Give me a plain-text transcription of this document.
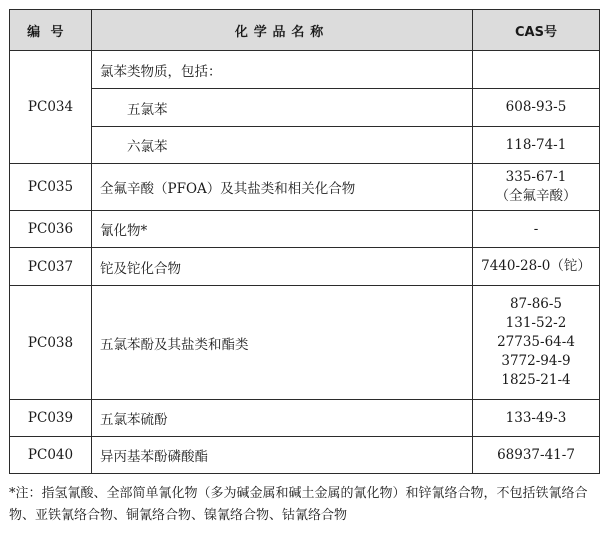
编号	化学品名称	CAS号
PC034	氯苯类物质，包括：	
	五氯苯	608-93-5

	六氯苯	118-74-1

PC035	全氟辛酸（PFOA）及其盐类和相关化合物	335-67-1
（全氟辛酸）

PC036	氰化物*	-

PC037	铊及铊化合物	7440-28-0（铊）

PC038	五氯苯酚及其盐类和酯类	87-86-5
131-52-2
27735-64-4
3772-94-9
1825-21-4

PC039	五氯苯硫酚	133-49-3

PC040	异丙基苯酚磷酸酯	68937-41-7
*注：指氢氰酸、全部简单氰化物（多为碱金属和碱土金属的氰化物）和锌氰络合物，不包括铁氰络合物、亚铁氰络合物、铜氰络合物、镍氰络合物、钴氰络合物
